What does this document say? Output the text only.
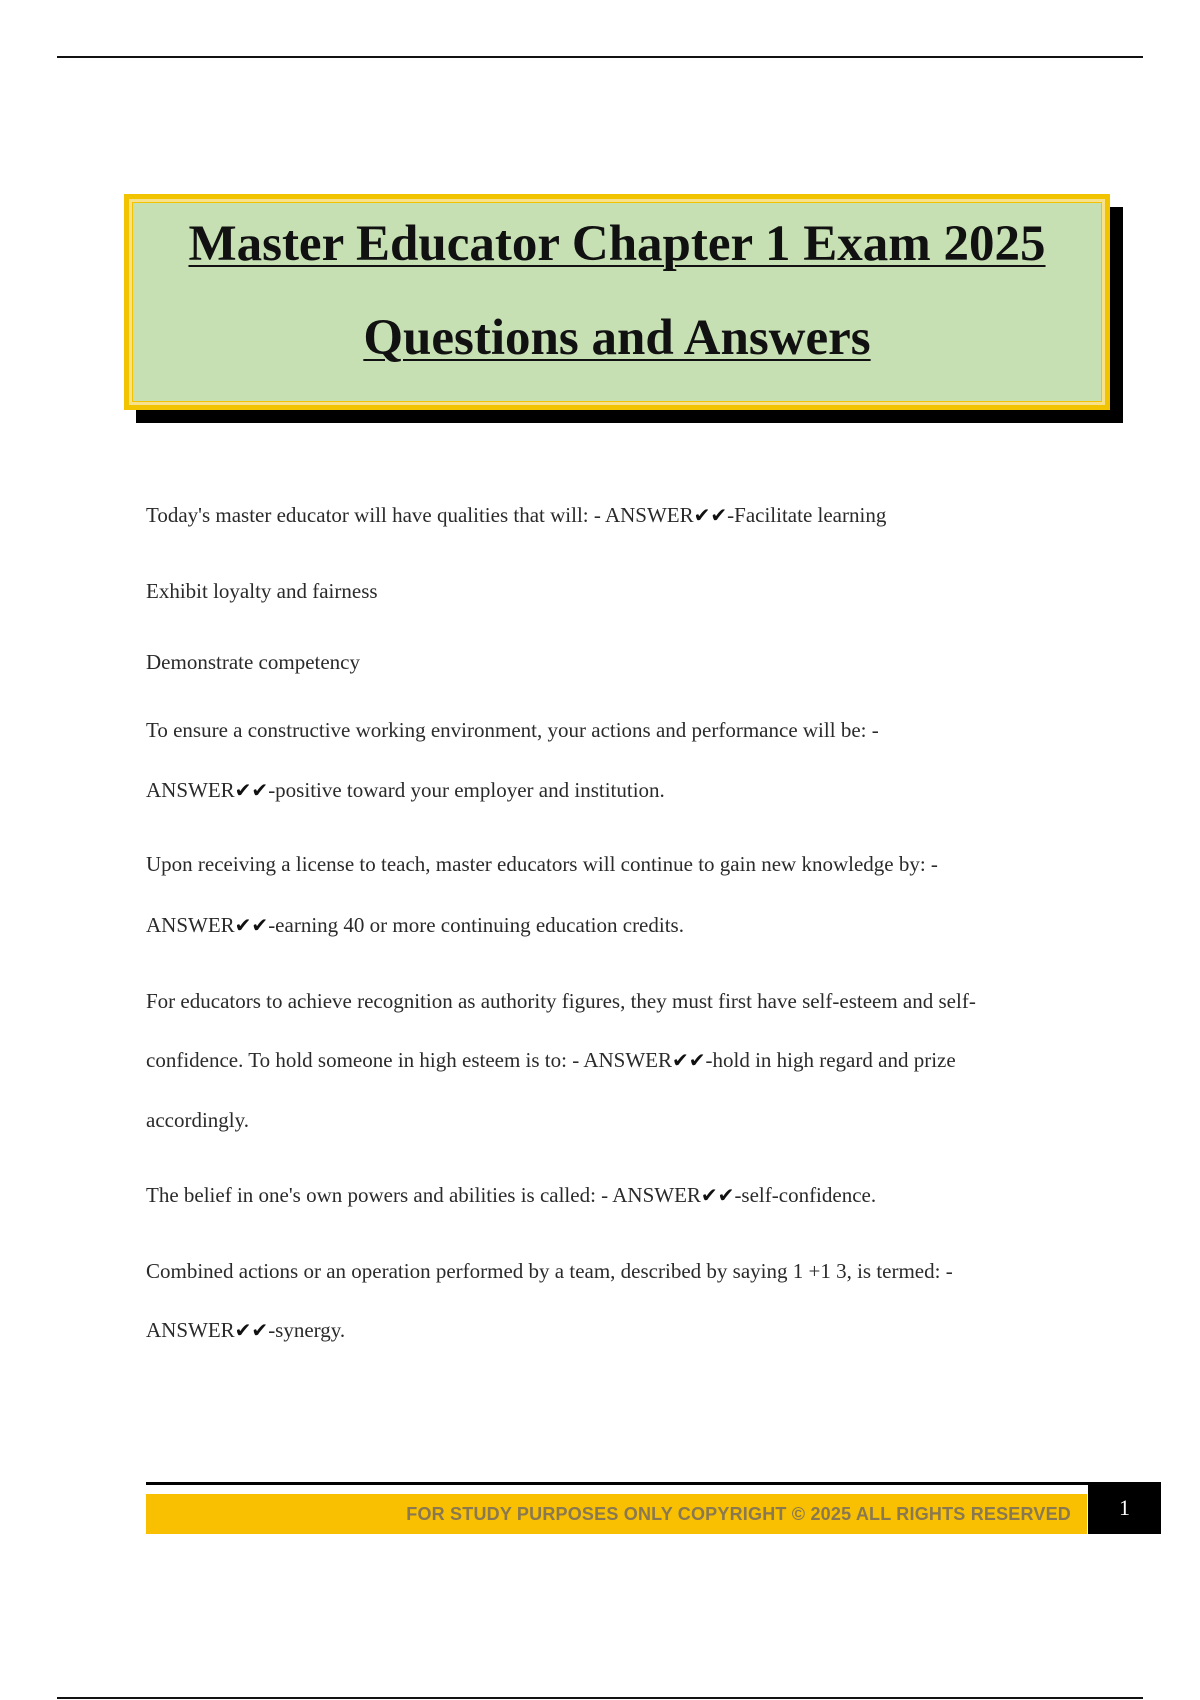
Master Educator Chapter 1 Exam 2025
Questions and Answers

Today's master educator will have qualities that will: - ANSWER✔✔-Facilitate learning

Exhibit loyalty and fairness

Demonstrate competency

To ensure a constructive working environment, your actions and performance will be: -

ANSWER✔✔-positive toward your employer and institution.

Upon receiving a license to teach, master educators will continue to gain new knowledge by: -

ANSWER✔✔-earning 40 or more continuing education credits.

For educators to achieve recognition as authority figures, they must first have self-esteem and self-

confidence. To hold someone in high esteem is to: - ANSWER✔✔-hold in high regard and prize

accordingly.

The belief in one's own powers and abilities is called: - ANSWER✔✔-self-confidence.

Combined actions or an operation performed by a team, described by saying 1 +1 3, is termed: -

ANSWER✔✔-synergy.

FOR STUDY PURPOSES ONLY COPYRIGHT © 2025 ALL RIGHTS RESERVED	1
